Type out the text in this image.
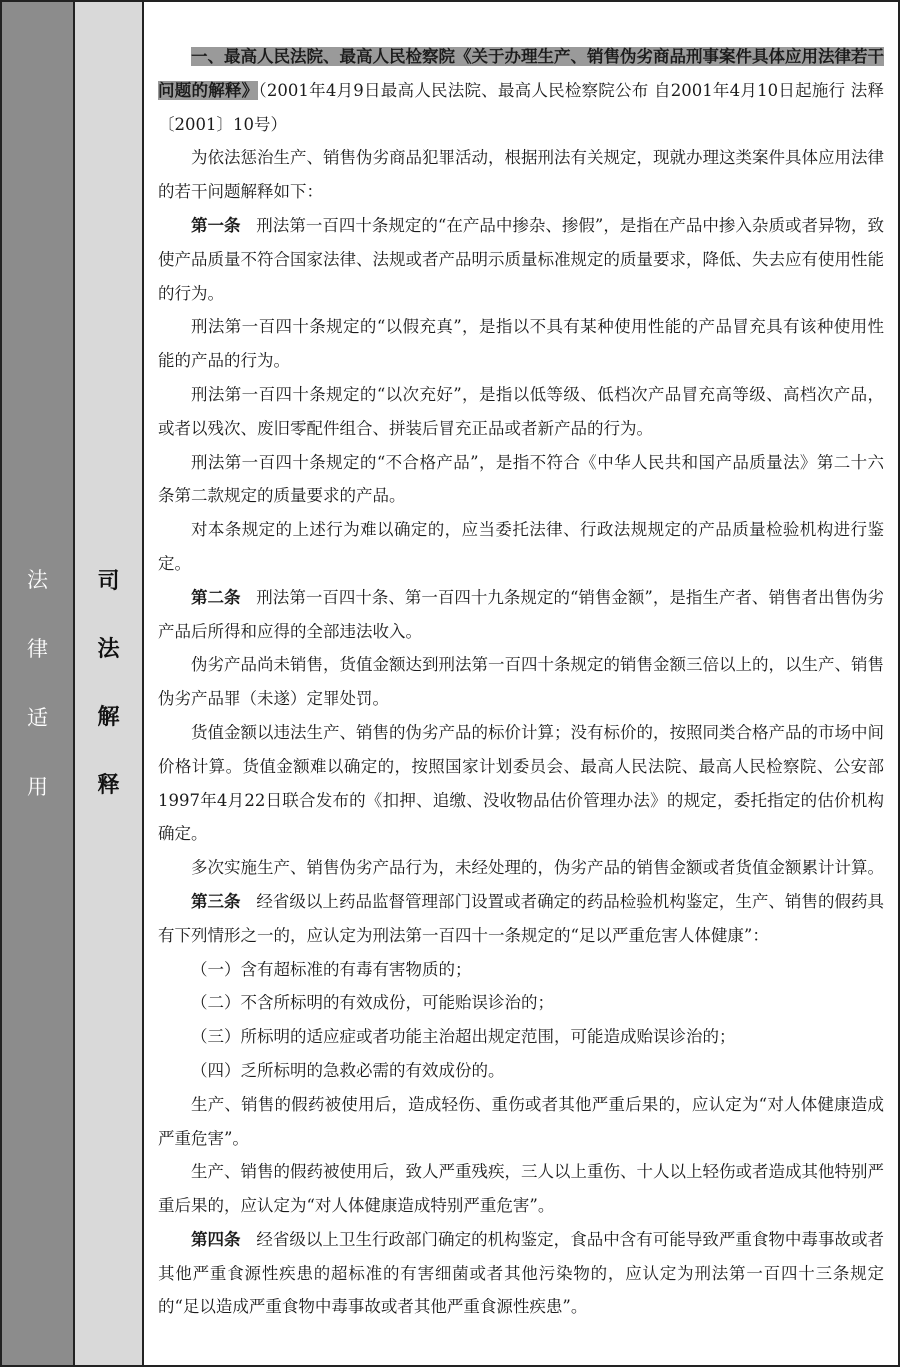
法
律
适
用
司
法
解
释

一、最高人民法院、最高人民检察院《关于办理生产、销售伪劣商品刑事案件具体应用法律若干问题的解释》（2001年4月9日最高人民法院、最高人民检察院公布 自2001年4月10日起施行 法释〔2001〕10号）

为依法惩治生产、销售伪劣商品犯罪活动，根据刑法有关规定，现就办理这类案件具体应用法律的若干问题解释如下：

第一条 刑法第一百四十条规定的“在产品中掺杂、掺假”，是指在产品中掺入杂质或者异物，致使产品质量不符合国家法律、法规或者产品明示质量标准规定的质量要求，降低、失去应有使用性能的行为。

刑法第一百四十条规定的“以假充真”，是指以不具有某种使用性能的产品冒充具有该种使用性能的产品的行为。

刑法第一百四十条规定的“以次充好”，是指以低等级、低档次产品冒充高等级、高档次产品，或者以残次、废旧零配件组合、拼装后冒充正品或者新产品的行为。

刑法第一百四十条规定的“不合格产品”，是指不符合《中华人民共和国产品质量法》第二十六条第二款规定的质量要求的产品。

对本条规定的上述行为难以确定的，应当委托法律、行政法规规定的产品质量检验机构进行鉴定。

第二条 刑法第一百四十条、第一百四十九条规定的“销售金额”，是指生产者、销售者出售伪劣产品后所得和应得的全部违法收入。

伪劣产品尚未销售，货值金额达到刑法第一百四十条规定的销售金额三倍以上的，以生产、销售伪劣产品罪（未遂）定罪处罚。

货值金额以违法生产、销售的伪劣产品的标价计算；没有标价的，按照同类合格产品的市场中间价格计算。货值金额难以确定的，按照国家计划委员会、最高人民法院、最高人民检察院、公安部1997年4月22日联合发布的《扣押、追缴、没收物品估价管理办法》的规定，委托指定的估价机构确定。

多次实施生产、销售伪劣产品行为，未经处理的，伪劣产品的销售金额或者货值金额累计计算。

第三条 经省级以上药品监督管理部门设置或者确定的药品检验机构鉴定，生产、销售的假药具有下列情形之一的，应认定为刑法第一百四十一条规定的“足以严重危害人体健康”：

（一）含有超标准的有毒有害物质的；

（二）不含所标明的有效成份，可能贻误诊治的；

（三）所标明的适应症或者功能主治超出规定范围，可能造成贻误诊治的；

（四）乏所标明的急救必需的有效成份的。

生产、销售的假药被使用后，造成轻伤、重伤或者其他严重后果的，应认定为“对人体健康造成严重危害”。

生产、销售的假药被使用后，致人严重残疾，三人以上重伤、十人以上轻伤或者造成其他特别严重后果的，应认定为“对人体健康造成特别严重危害”。

第四条 经省级以上卫生行政部门确定的机构鉴定，食品中含有可能导致严重食物中毒事故或者其他严重食源性疾患的超标准的有害细菌或者其他污染物的，应认定为刑法第一百四十三条规定的“足以造成严重食物中毒事故或者其他严重食源性疾患”。
